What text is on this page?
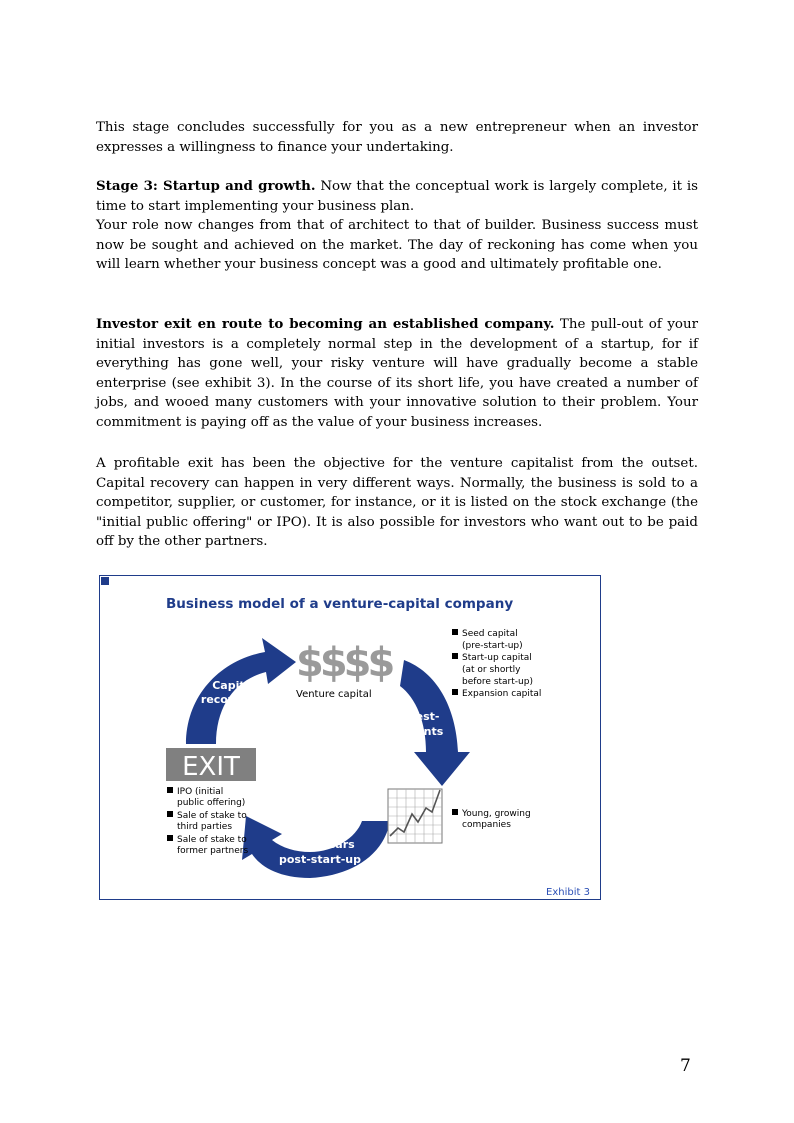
This stage concludes successfully for you as a new entrepreneur when an investor expresses a willingness to finance your undertaking.

Stage 3: Startup and growth. Now that the conceptual work is largely complete, it is time to start implementing your business plan.

Your role now changes from that of architect to that of builder. Business success must now be sought and achieved on the market. The day of reckoning has come when you will learn whether your business concept was a good and ultimately profitable one.

Investor exit en route to becoming an established company. The pull-out of your initial investors is a completely normal step in the development of a startup, for if everything has gone well, your risky venture will have gradually become a stable enterprise (see exhibit 3). In the course of its short life, you have created a number of jobs, and wooed many customers with your innovative solution to their problem. Your commitment is paying off as the value of your business increases.

A profitable exit has been the objective for the venture capitalist from the outset. Capital recovery can happen in very different ways. Normally, the business is sold to a competitor, supplier, or customer, for instance, or it is listed on the stock exchange (the "initial public offering" or IPO). It is also possible for investors who want out to be paid off by the other partners.

Business model of a venture-capital company
$$$$
Venture capital
Seed capital
(pre-start-up)
Start-up capital
(at or shortly
before start-up)
Expansion capital
Capital
recovery
Invest-
ments
5 - 8 years
post-start-up
EXIT
IPO (initial
public offering)
Sale of stake to
third parties
Sale of stake to
former partners
Young, growing
companies
Exhibit 3
7
